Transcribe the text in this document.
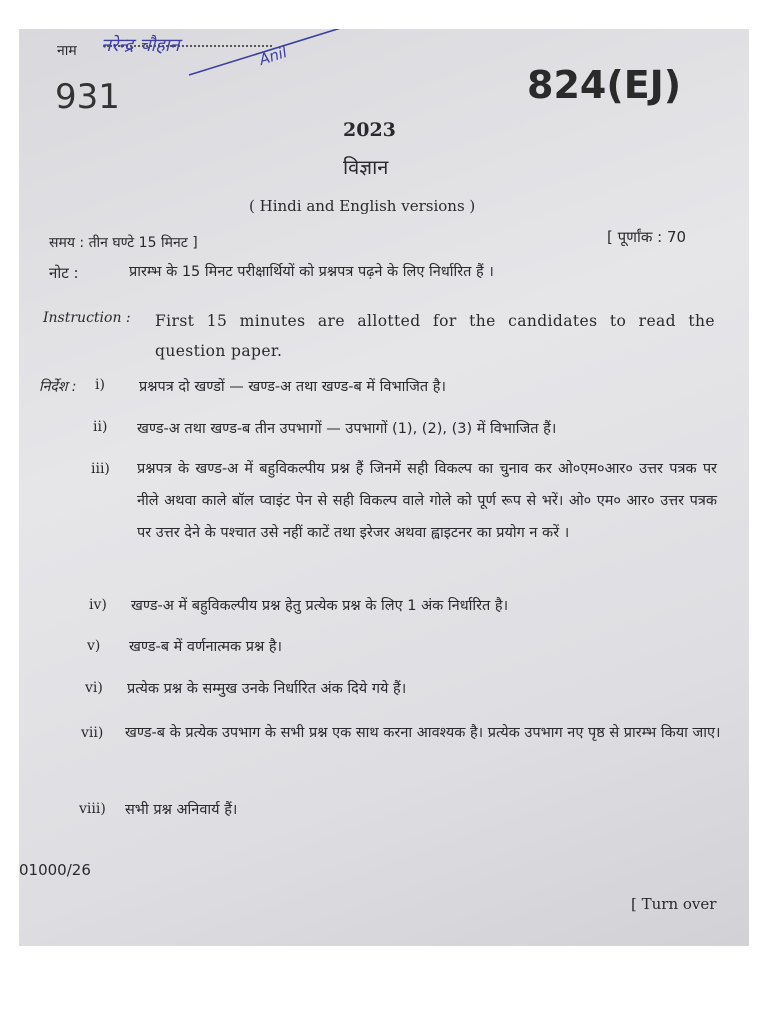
नाम नरेन्द्र चौहान	Anil
931	824(EJ)
2023
विज्ञान
( Hindi and English versions )
समय : तीन घण्टे 15 मिनट ]	[ पूर्णांक : 70
नोट :	प्रारम्भ के 15 मिनट परीक्षार्थियों को प्रश्नपत्र पढ़ने के लिए निर्धारित हैं ।
Instruction : First 15 minutes are allotted for the candidates to read the question paper.
निर्देश : i) प्रश्नपत्र दो खण्डों — खण्ड-अ तथा खण्ड-ब में विभाजित है।
ii) खण्ड-अ तथा खण्ड-ब तीन उपभागों — उपभागों (1), (2), (3) में विभाजित हैं।
iii) प्रश्नपत्र के खण्ड-अ में बहुविकल्पीय प्रश्न हैं जिनमें सही विकल्प का चुनाव कर ओ०एम०आर० उत्तर पत्रक पर नीले अथवा काले बॉल प्वाइंट पेन से सही विकल्प वाले गोले को पूर्ण रूप से भरें। ओ० एम० आर० उत्तर पत्रक पर उत्तर देने के पश्चात उसे नहीं काटें तथा इरेजर अथवा ह्वाइटनर का प्रयोग न करें ।
iv) खण्ड-अ में बहुविकल्पीय प्रश्न हेतु प्रत्येक प्रश्न के लिए 1 अंक निर्धारित है।
v) खण्ड-ब में वर्णनात्मक प्रश्न है।
vi) प्रत्येक प्रश्न के सम्मुख उनके निर्धारित अंक दिये गये हैं।
vii) खण्ड-ब के प्रत्येक उपभाग के सभी प्रश्न एक साथ करना आवश्यक है। प्रत्येक उपभाग नए पृष्ठ से प्रारम्भ किया जाए।
viii) सभी प्रश्न अनिवार्य हैं।
01000/26
[ Turn over
